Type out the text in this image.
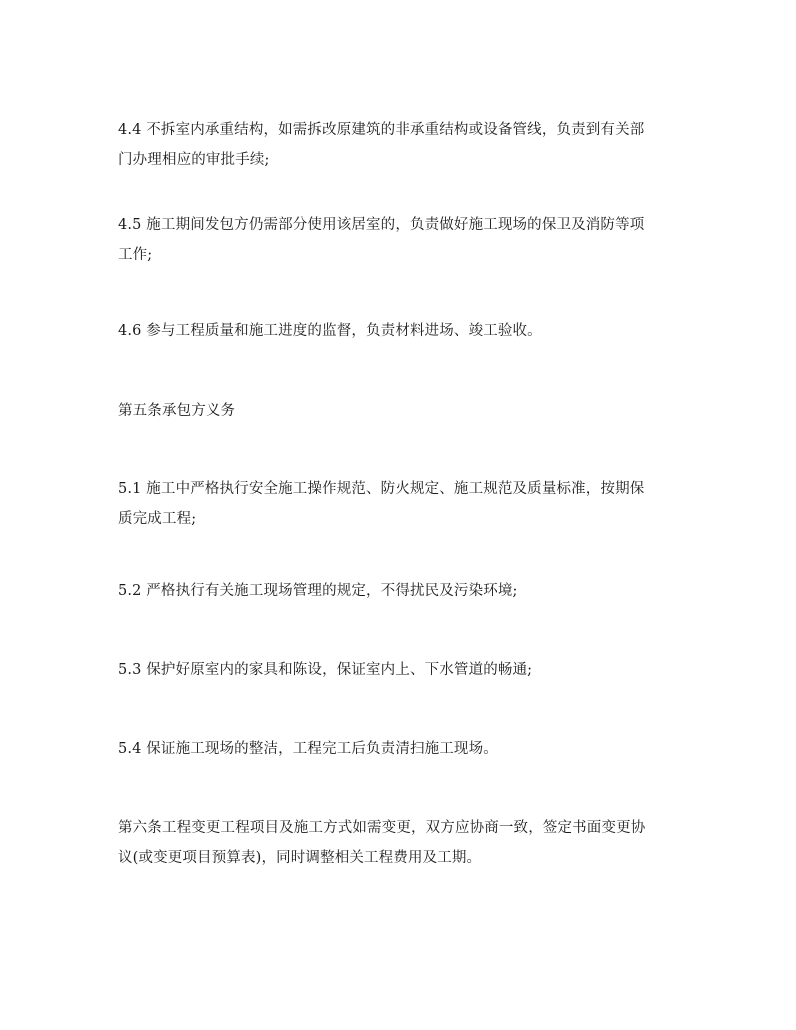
4.4 不拆室内承重结构，如需拆改原建筑的非承重结构或设备管线，负责到有关部
门办理相应的审批手续;

4.5 施工期间发包方仍需部分使用该居室的，负责做好施工现场的保卫及消防等项
工作;

4.6 参与工程质量和施工进度的监督，负责材料进场、竣工验收。

第五条承包方义务

5.1 施工中严格执行安全施工操作规范、防火规定、施工规范及质量标准，按期保
质完成工程;

5.2 严格执行有关施工现场管理的规定，不得扰民及污染环境;

5.3 保护好原室内的家具和陈设，保证室内上、下水管道的畅通;

5.4 保证施工现场的整洁，工程完工后负责清扫施工现场。

第六条工程变更工程项目及施工方式如需变更，双方应协商一致，签定书面变更协
议(或变更项目预算表)，同时调整相关工程费用及工期。
